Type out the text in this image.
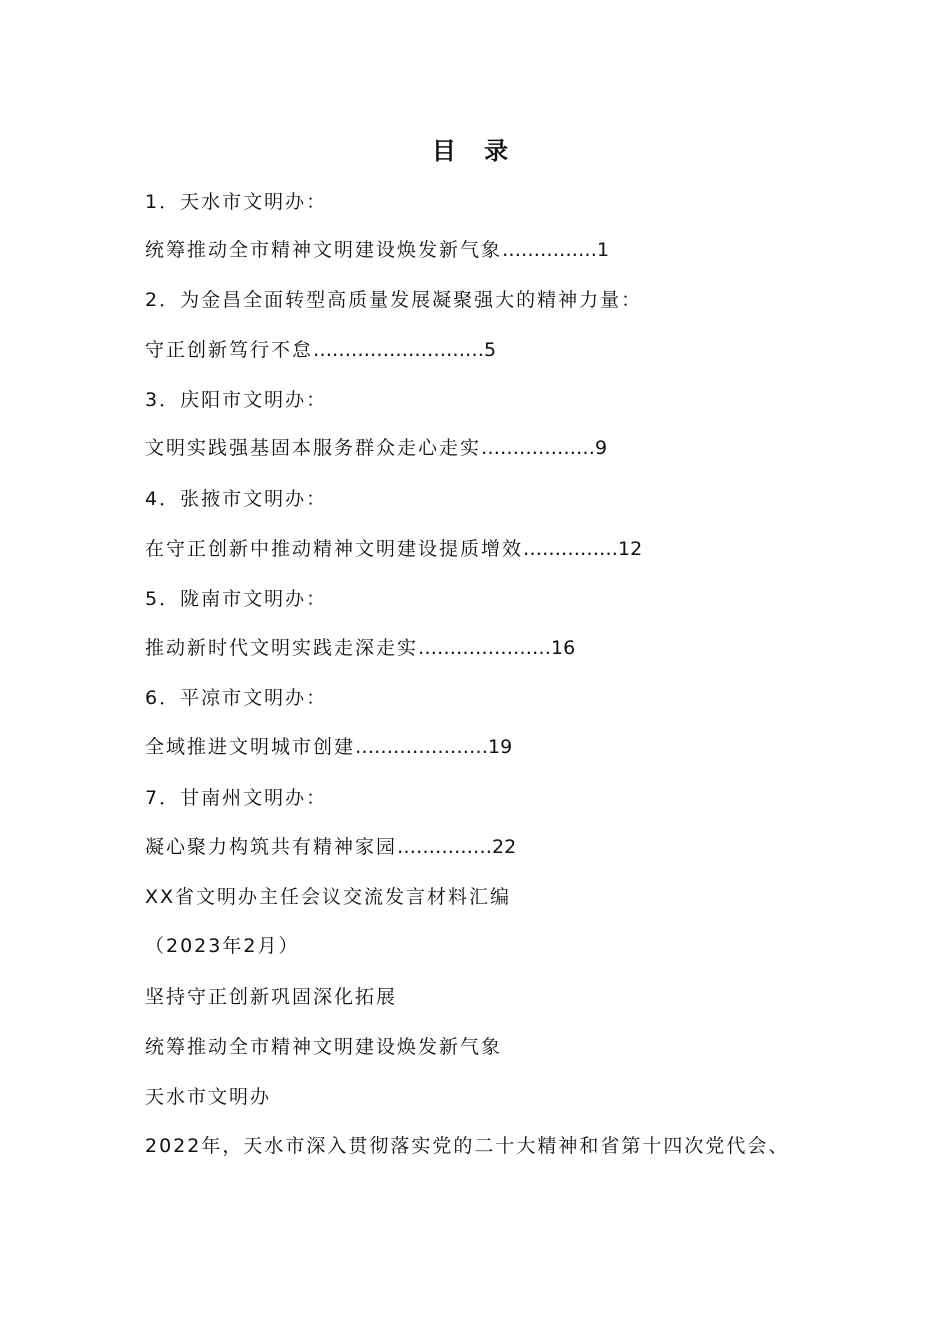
目 录
1．天水市文明办：
统筹推动全市精神文明建设焕发新气象……………1
2．为金昌全面转型高质量发展凝聚强大的精神力量：
守正创新笃行不怠………………………5
3．庆阳市文明办：
文明实践强基固本服务群众走心走实………………9
4．张掖市文明办：
在守正创新中推动精神文明建设提质增效……………12
5．陇南市文明办：
推动新时代文明实践走深走实…………………16
6．平凉市文明办：
全域推进文明城市创建…………………19
7．甘南州文明办：
凝心聚力构筑共有精神家园……………22
XX省文明办主任会议交流发言材料汇编
（2023年2月）
坚持守正创新巩固深化拓展
统筹推动全市精神文明建设焕发新气象
天水市文明办
2022年，天水市深入贯彻落实党的二十大精神和省第十四次党代会、
